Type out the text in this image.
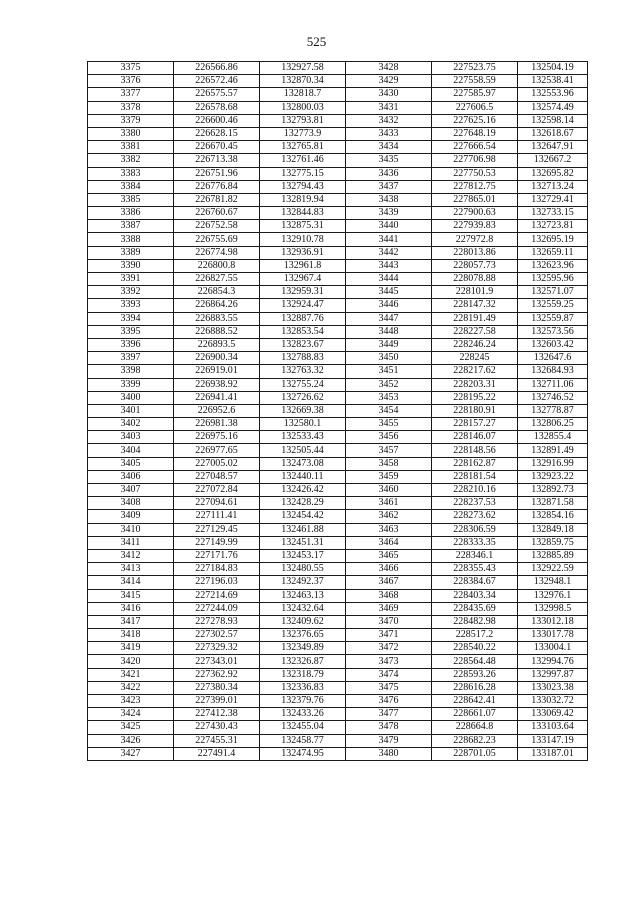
525
3375	226566.86	132927.58	3428	227523.75	132504.19
3376	226572.46	132870.34	3429	227558.59	132538.41
3377	226575.57	132818.7	3430	227585.97	132553.96
3378	226578.68	132800.03	3431	227606.5	132574.49
3379	226600.46	132793.81	3432	227625.16	132598.14
3380	226628.15	132773.9	3433	227648.19	132618.67
3381	226670.45	132765.81	3434	227666.54	132647.91
3382	226713.38	132761.46	3435	227706.98	132667.2
3383	226751.96	132775.15	3436	227750.53	132695.82
3384	226776.84	132794.43	3437	227812.75	132713.24
3385	226781.82	132819.94	3438	227865.01	132729.41
3386	226760.67	132844.83	3439	227900.63	132733.15
3387	226752.58	132875.31	3440	227939.83	132723.81
3388	226755.69	132910.78	3441	227972.8	132695.19
3389	226774.98	132936.91	3442	228013.86	132659.11
3390	226800.8	132961.8	3443	228057.73	132623.96
3391	226827.55	132967.4	3444	228078.88	132595.96
3392	226854.3	132959.31	3445	228101.9	132571.07
3393	226864.26	132924.47	3446	228147.32	132559.25
3394	226883.55	132887.76	3447	228191.49	132559.87
3395	226888.52	132853.54	3448	228227.58	132573.56
3396	226893.5	132823.67	3449	228246.24	132603.42
3397	226900.34	132788.83	3450	228245	132647.6
3398	226919.01	132763.32	3451	228217.62	132684.93
3399	226938.92	132755.24	3452	228203.31	132711.06
3400	226941.41	132726.62	3453	228195.22	132746.52
3401	226952.6	132669.38	3454	228180.91	132778.87
3402	226981.38	132580.1	3455	228157.27	132806.25
3403	226975.16	132533.43	3456	228146.07	132855.4
3404	226977.65	132505.44	3457	228148.56	132891.49
3405	227005.02	132473.08	3458	228162.87	132916.99
3406	227048.57	132440.11	3459	228181.54	132923.22
3407	227072.84	132426.42	3460	228210.16	132892.73
3408	227094.61	132428.29	3461	228237.53	132871.58
3409	227111.41	132454.42	3462	228273.62	132854.16
3410	227129.45	132461.88	3463	228306.59	132849.18
3411	227149.99	132451.31	3464	228333.35	132859.75
3412	227171.76	132453.17	3465	228346.1	132885.89
3413	227184.83	132480.55	3466	228355.43	132922.59
3414	227196.03	132492.37	3467	228384.67	132948.1
3415	227214.69	132463.13	3468	228403.34	132976.1
3416	227244.09	132432.64	3469	228435.69	132998.5
3417	227278.93	132409.62	3470	228482.98	133012.18
3418	227302.57	132376.65	3471	228517.2	133017.78
3419	227329.32	132349.89	3472	228540.22	133004.1
3420	227343.01	132326.87	3473	228564.48	132994.76
3421	227362.92	132318.79	3474	228593.26	132997.87
3422	227380.34	132336.83	3475	228616.28	133023.38
3423	227399.01	132379.76	3476	228642.41	133032.72
3424	227412.38	132433.26	3477	228661.07	133069.42
3425	227430.43	132455.04	3478	228664.8	133103.64
3426	227455.31	132458.77	3479	228682.23	133147.19
3427	227491.4	132474.95	3480	228701.05	133187.01
